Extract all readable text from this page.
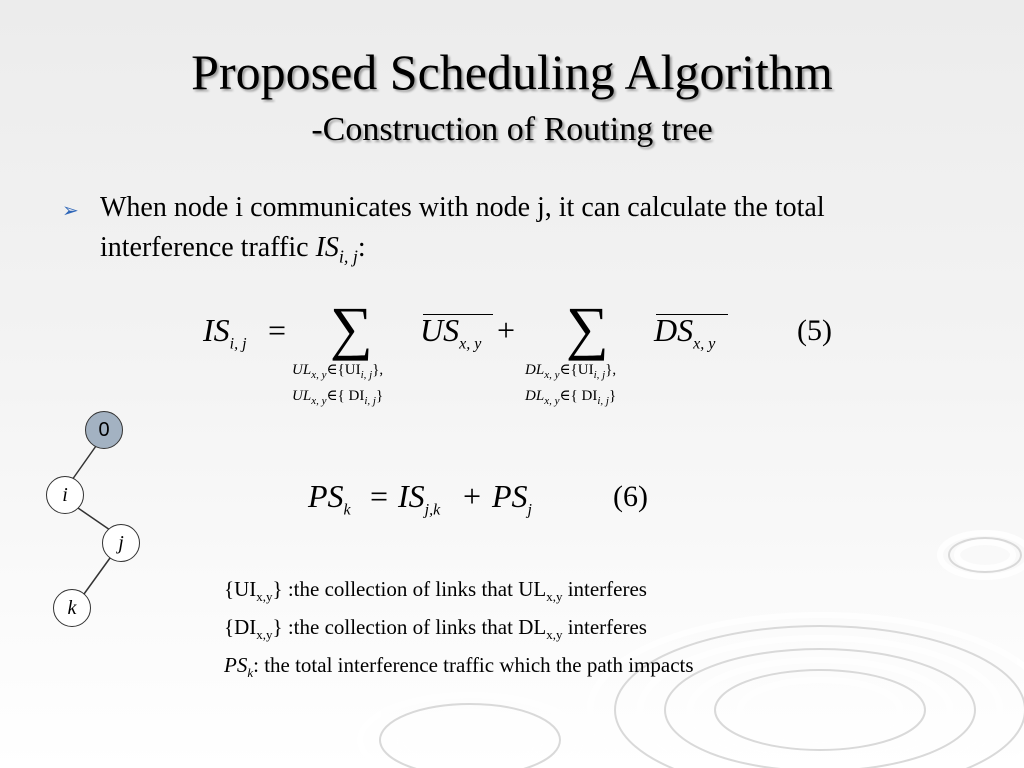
Proposed Scheduling Algorithm
-Construction of Routing tree
➢ When node i communicates with node j, it can calculate the total interference traffic $IS_{i, j}$:
$IS_{i, j}$ = ∑
$UL_{x, y}\in\{UI_{i, j}\}$,
$UL_{x, y}\in${ $DI_{i, j}$}
$US_{x, y}$ + ∑
$DL_{x, y}\in\{UI_{i, j}\}$,
$DL_{x, y}\in${ $DI_{i, j}$}
$DS_{x, y}$	(5)
$PS_k = IS_{j,k} + PS_j$	(6)
0
i
j
k
$\{UI_{x,y}\}$ :the collection of links that $UL_{x,y}$ interferes
$\{DI_{x,y}\}$ :the collection of links that $DL_{x,y}$ interferes
$PS_k$: the total interference traffic which the path impacts
